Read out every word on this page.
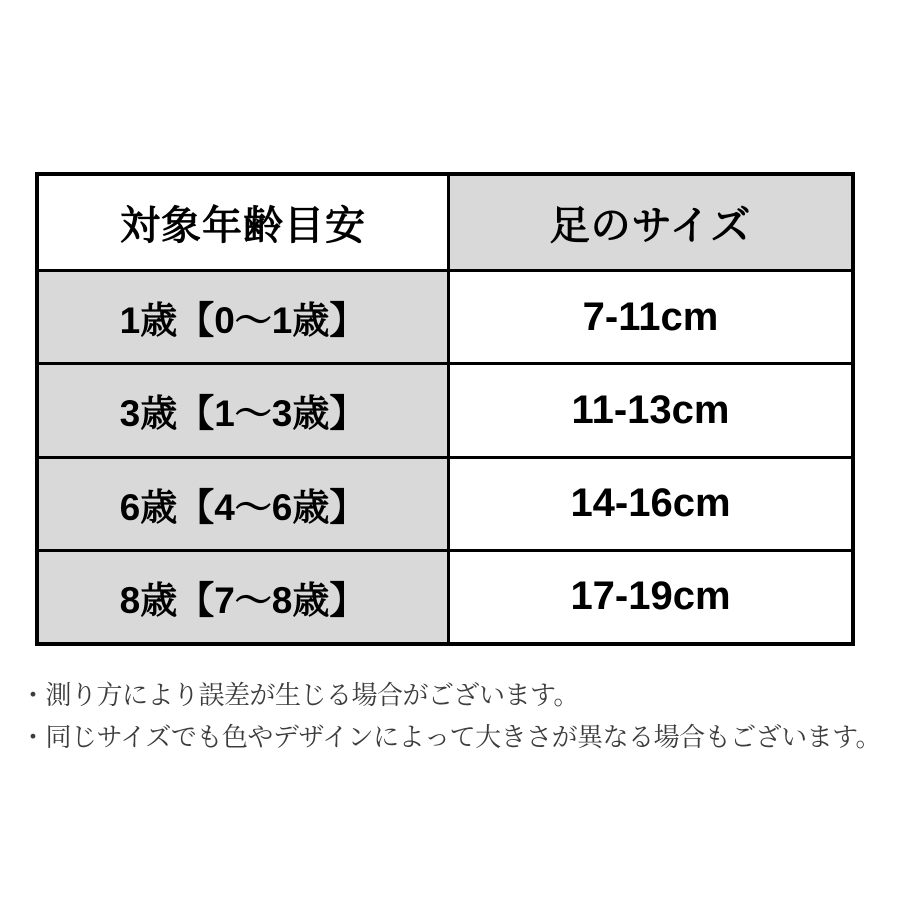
対象年齢目安	足のサイズ
1歳【0〜1歳】	7-11cm
3歳【1〜3歳】	11-13cm
6歳【4〜6歳】	14-16cm
8歳【7〜8歳】	17-19cm
・測り方により誤差が生じる場合がございます。
・同じサイズでも色やデザインによって大きさが異なる場合もございます。
